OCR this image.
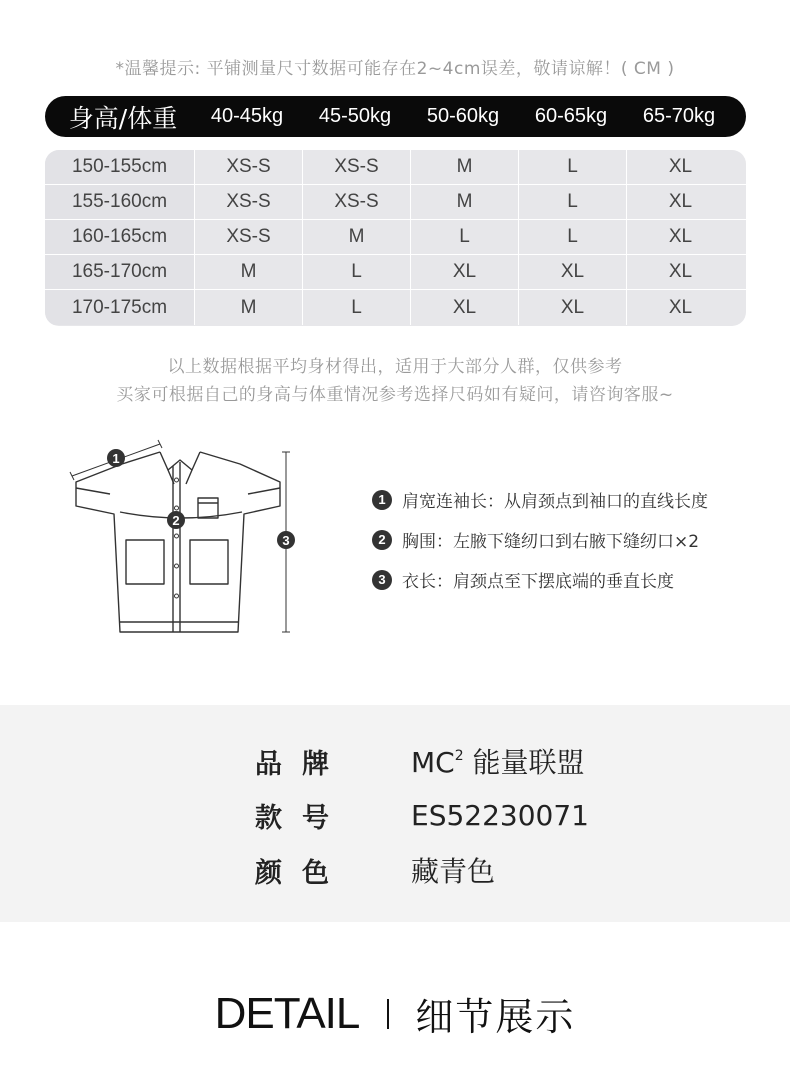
*温馨提示: 平铺测量尺寸数据可能存在2~4cm误差，敬请谅解！( CM )
身高/体重	40-45kg	45-50kg	50-60kg	60-65kg	65-70kg
150-155cm	XS-S	XS-S	M	L	XL
155-160cm	XS-S	XS-S	M	L	XL
160-165cm	XS-S	M	L	L	XL
165-170cm	M	L	XL	XL	XL
170-175cm	M	L	XL	XL	XL
以上数据根据平均身材得出，适用于大部分人群，仅供参考
买家可根据自己的身高与体重情况参考选择尺码如有疑问，请咨询客服~
1
2
3
1 肩宽连袖长：从肩颈点到袖口的直线长度
2 胸围：左腋下缝纫口到右腋下缝纫口×2
3 衣长：肩颈点至下摆底端的垂直长度
品牌	$MC^2$ 能量联盟
款号	ES52230071
颜色	藏青色
DETAIL 细节展示
